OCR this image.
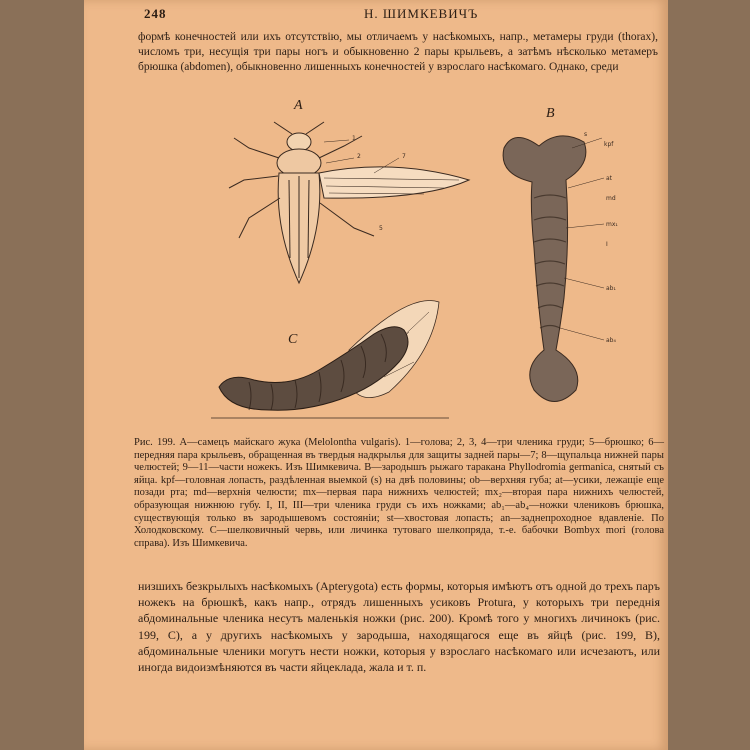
248	Н. ШИМКЕВИЧЪ

формѣ конечностей или ихъ отсутствію, мы отличаемъ у насѣкомыхъ, напр., метамеры груди (thorax), числомъ три, несущія три пары ногъ и обыкновенно 2 пары крыльевъ, а затѣмъ нѣсколько метамеръ брюшка (abdomen), обыкновенно лишенныхъ конечностей у взрослаго насѣкомаго. Однако, среди

A
1
2	7
5
B
s
kpf
at
md
mx₁
I
ab₁
ab₄
C

Рис. 199. A—самецъ майскаго жука (Melolontha vulgaris). 1—голова; 2, 3, 4—три членика груди; 5—брюшко; 6—передняя пара крыльевъ, обращенная въ твердыя надкрылья для защиты задней пары—7; 8—щупальца нижней пары челюстей; 9—11—части ножекъ. Изъ Шимкевича. B—зародышъ рыжаго таракана Phyllodromia germanica, снятый съ яйца. kpf—головная лопасть, раздѣленная выемкой (s) на двѣ половины; ob—верхняя губа; at—усики, лежащіе еще позади рта; md—верхнія челюсти; mx—первая пара нижнихъ челюстей; mx₂—вторая пара нижнихъ челюстей, образующая нижнюю губу. I, II, III—три членика груди съ ихъ ножками; ab₁—ab₄—ножки члениковъ брюшка, существующія только въ зародышевомъ состояніи; st—хвостовая лопасть; an—заднепроходное вдавленіе. По Холодковскому. C—шелковичный червь, или личинка тутоваго шелкопряда, т.-е. бабочки Bombyx mori (голова справа). Изъ Шимкевича.

низшихъ безкрылыхъ насѣкомыхъ (Apterygota) есть формы, которыя имѣютъ отъ одной до трехъ паръ ножекъ на брюшкѣ, какъ напр., отрядъ лишенныхъ усиковъ Protura, у которыхъ три переднія абдоминальные членика несутъ маленькія ножки (рис. 200). Кромѣ того у многихъ личинокъ (рис. 199, C), а у другихъ насѣкомыхъ у зародыша, находящагося еще въ яйцѣ (рис. 199, B), абдоминальные членики могутъ нести ножки, которыя у взрослаго насѣкомаго или исчезаютъ, или иногда видоизмѣняются въ части яйцеклада, жала и т. п.
